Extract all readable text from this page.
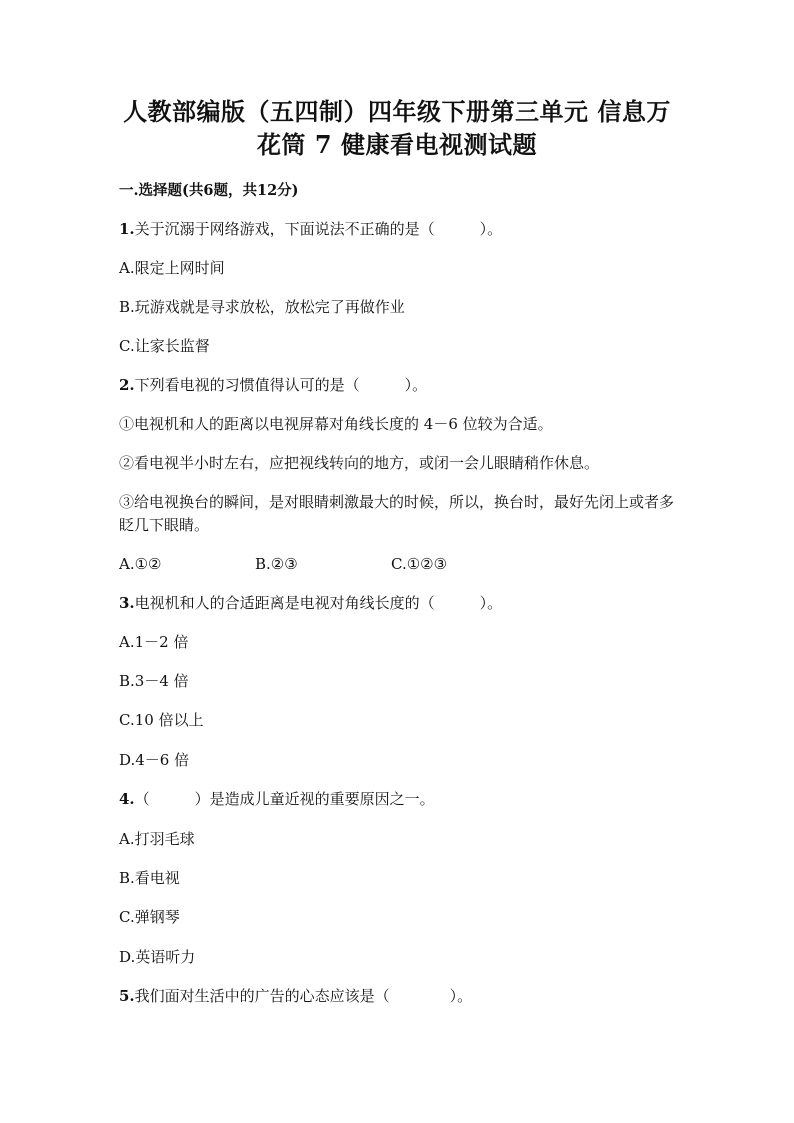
人教部编版（五四制）四年级下册第三单元 信息万
花筒 7 健康看电视测试题
一.选择题(共6题，共12分)
1.关于沉溺于网络游戏，下面说法不正确的是（　　　）。
A.限定上网时间
B.玩游戏就是寻求放松，放松完了再做作业
C.让家长监督
2.下列看电视的习惯值得认可的是（　　　）。
①电视机和人的距离以电视屏幕对角线长度的 4－6 位较为合适。
②看电视半小时左右，应把视线转向的地方，或闭一会儿眼睛稍作休息。
③给电视换台的瞬间，是对眼睛刺激最大的时候，所以，换台时，最好先闭上或者多眨几下眼睛。
A.①②	B.②③	C.①②③
3.电视机和人的合适距离是电视对角线长度的（　　　）。
A.1－2 倍
B.3－4 倍
C.10 倍以上
D.4－6 倍
4.（　　　）是造成儿童近视的重要原因之一。
A.打羽毛球
B.看电视
C.弹钢琴
D.英语听力
5.我们面对生活中的广告的心态应该是（　　　　）。
